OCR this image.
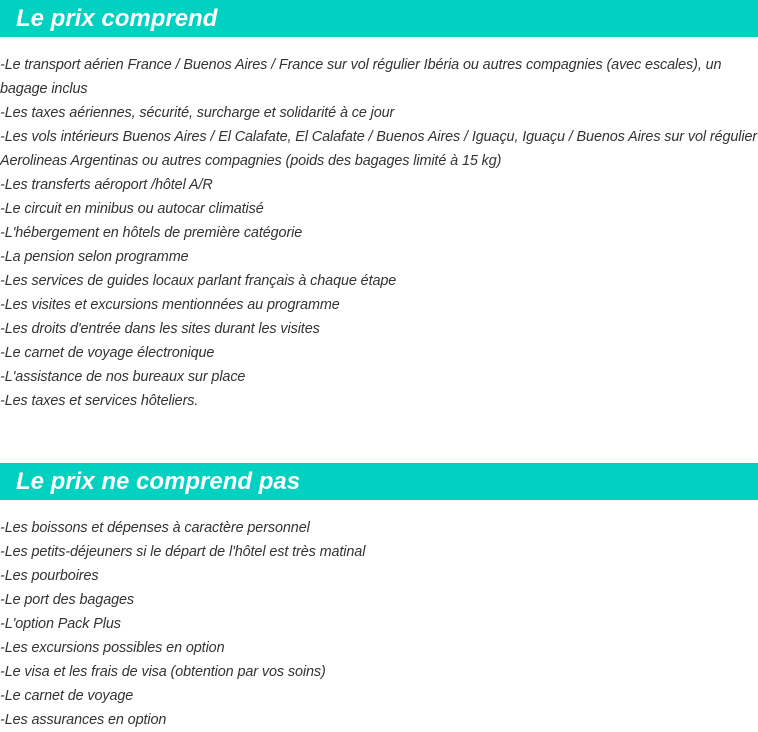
Le prix comprend
-Le transport aérien France / Buenos Aires / France sur vol régulier Ibéria ou autres compagnies (avec escales), un bagage inclus
-Les taxes aériennes, sécurité, surcharge et solidarité à ce jour
-Les vols intérieurs Buenos Aires / El Calafate, El Calafate / Buenos Aires / Iguaçu, Iguaçu / Buenos Aires sur vol régulier Aerolineas Argentinas ou autres compagnies (poids des bagages limité à 15 kg)
-Les transferts aéroport /hôtel A/R
-Le circuit en minibus ou autocar climatisé
-L'hébergement en hôtels de première catégorie
-La pension selon programme
-Les services de guides locaux parlant français à chaque étape
-Les visites et excursions mentionnées au programme
-Les droits d'entrée dans les sites durant les visites
-Le carnet de voyage électronique
-L'assistance de nos bureaux sur place
-Les taxes et services hôteliers.
Le prix ne comprend pas
-Les boissons et dépenses à caractère personnel
-Les petits-déjeuners si le départ de l'hôtel est très matinal
-Les pourboires
-Le port des bagages
-L'option Pack Plus
-Les excursions possibles en option
-Le visa et les frais de visa (obtention par vos soins)
-Le carnet de voyage
-Les assurances en option
